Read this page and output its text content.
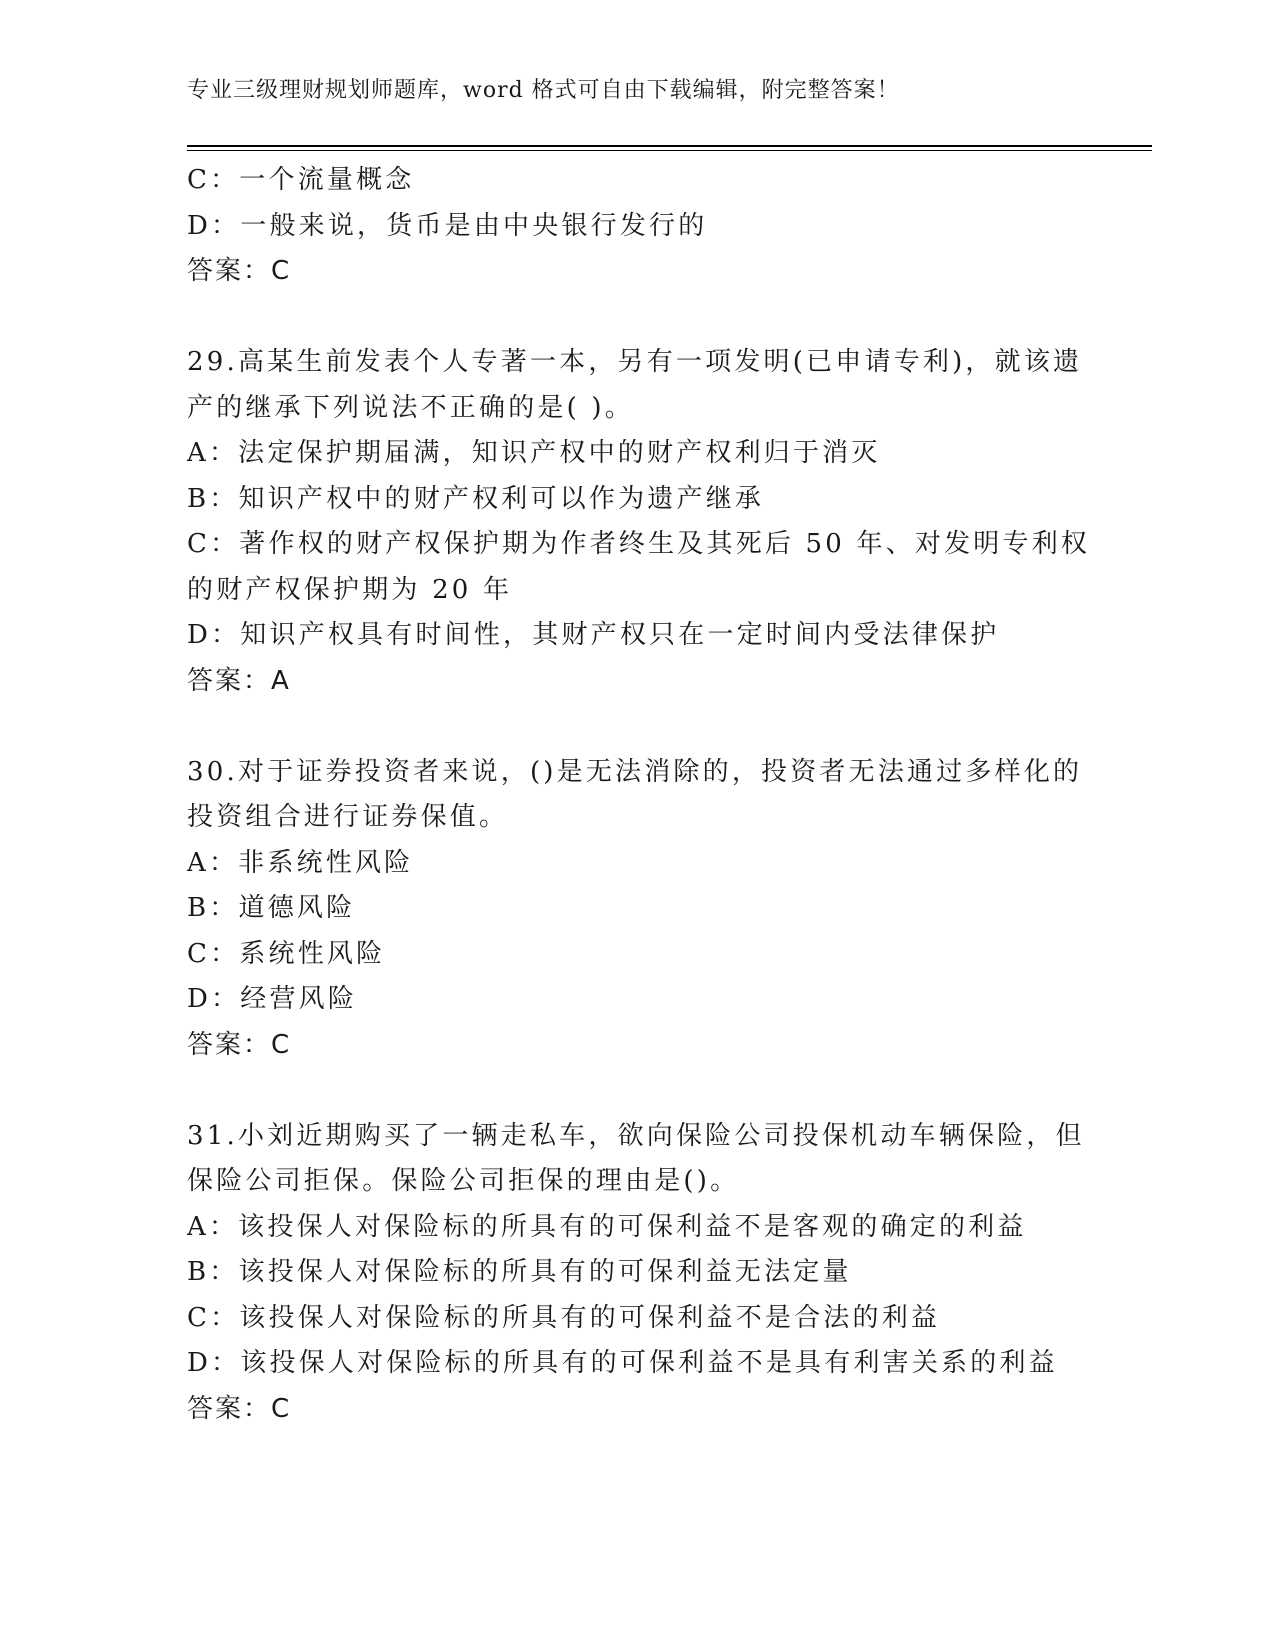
专业三级理财规划师题库，word 格式可自由下载编辑，附完整答案！
C：一个流量概念
D：一般来说，货币是由中央银行发行的
答案：C
29.高某生前发表个人专著一本，另有一项发明(已申请专利)，就该遗
产的继承下列说法不正确的是( )。
A：法定保护期届满，知识产权中的财产权利归于消灭
B：知识产权中的财产权利可以作为遗产继承
C：著作权的财产权保护期为作者终生及其死后 50 年、对发明专利权
的财产权保护期为 20 年
D：知识产权具有时间性，其财产权只在一定时间内受法律保护
答案：A
30.对于证券投资者来说，()是无法消除的，投资者无法通过多样化的
投资组合进行证券保值。
A：非系统性风险
B：道德风险
C：系统性风险
D：经营风险
答案：C
31.小刘近期购买了一辆走私车，欲向保险公司投保机动车辆保险，但
保险公司拒保。保险公司拒保的理由是()。
A：该投保人对保险标的所具有的可保利益不是客观的确定的利益
B：该投保人对保险标的所具有的可保利益无法定量
C：该投保人对保险标的所具有的可保利益不是合法的利益
D：该投保人对保险标的所具有的可保利益不是具有利害关系的利益
答案：C
